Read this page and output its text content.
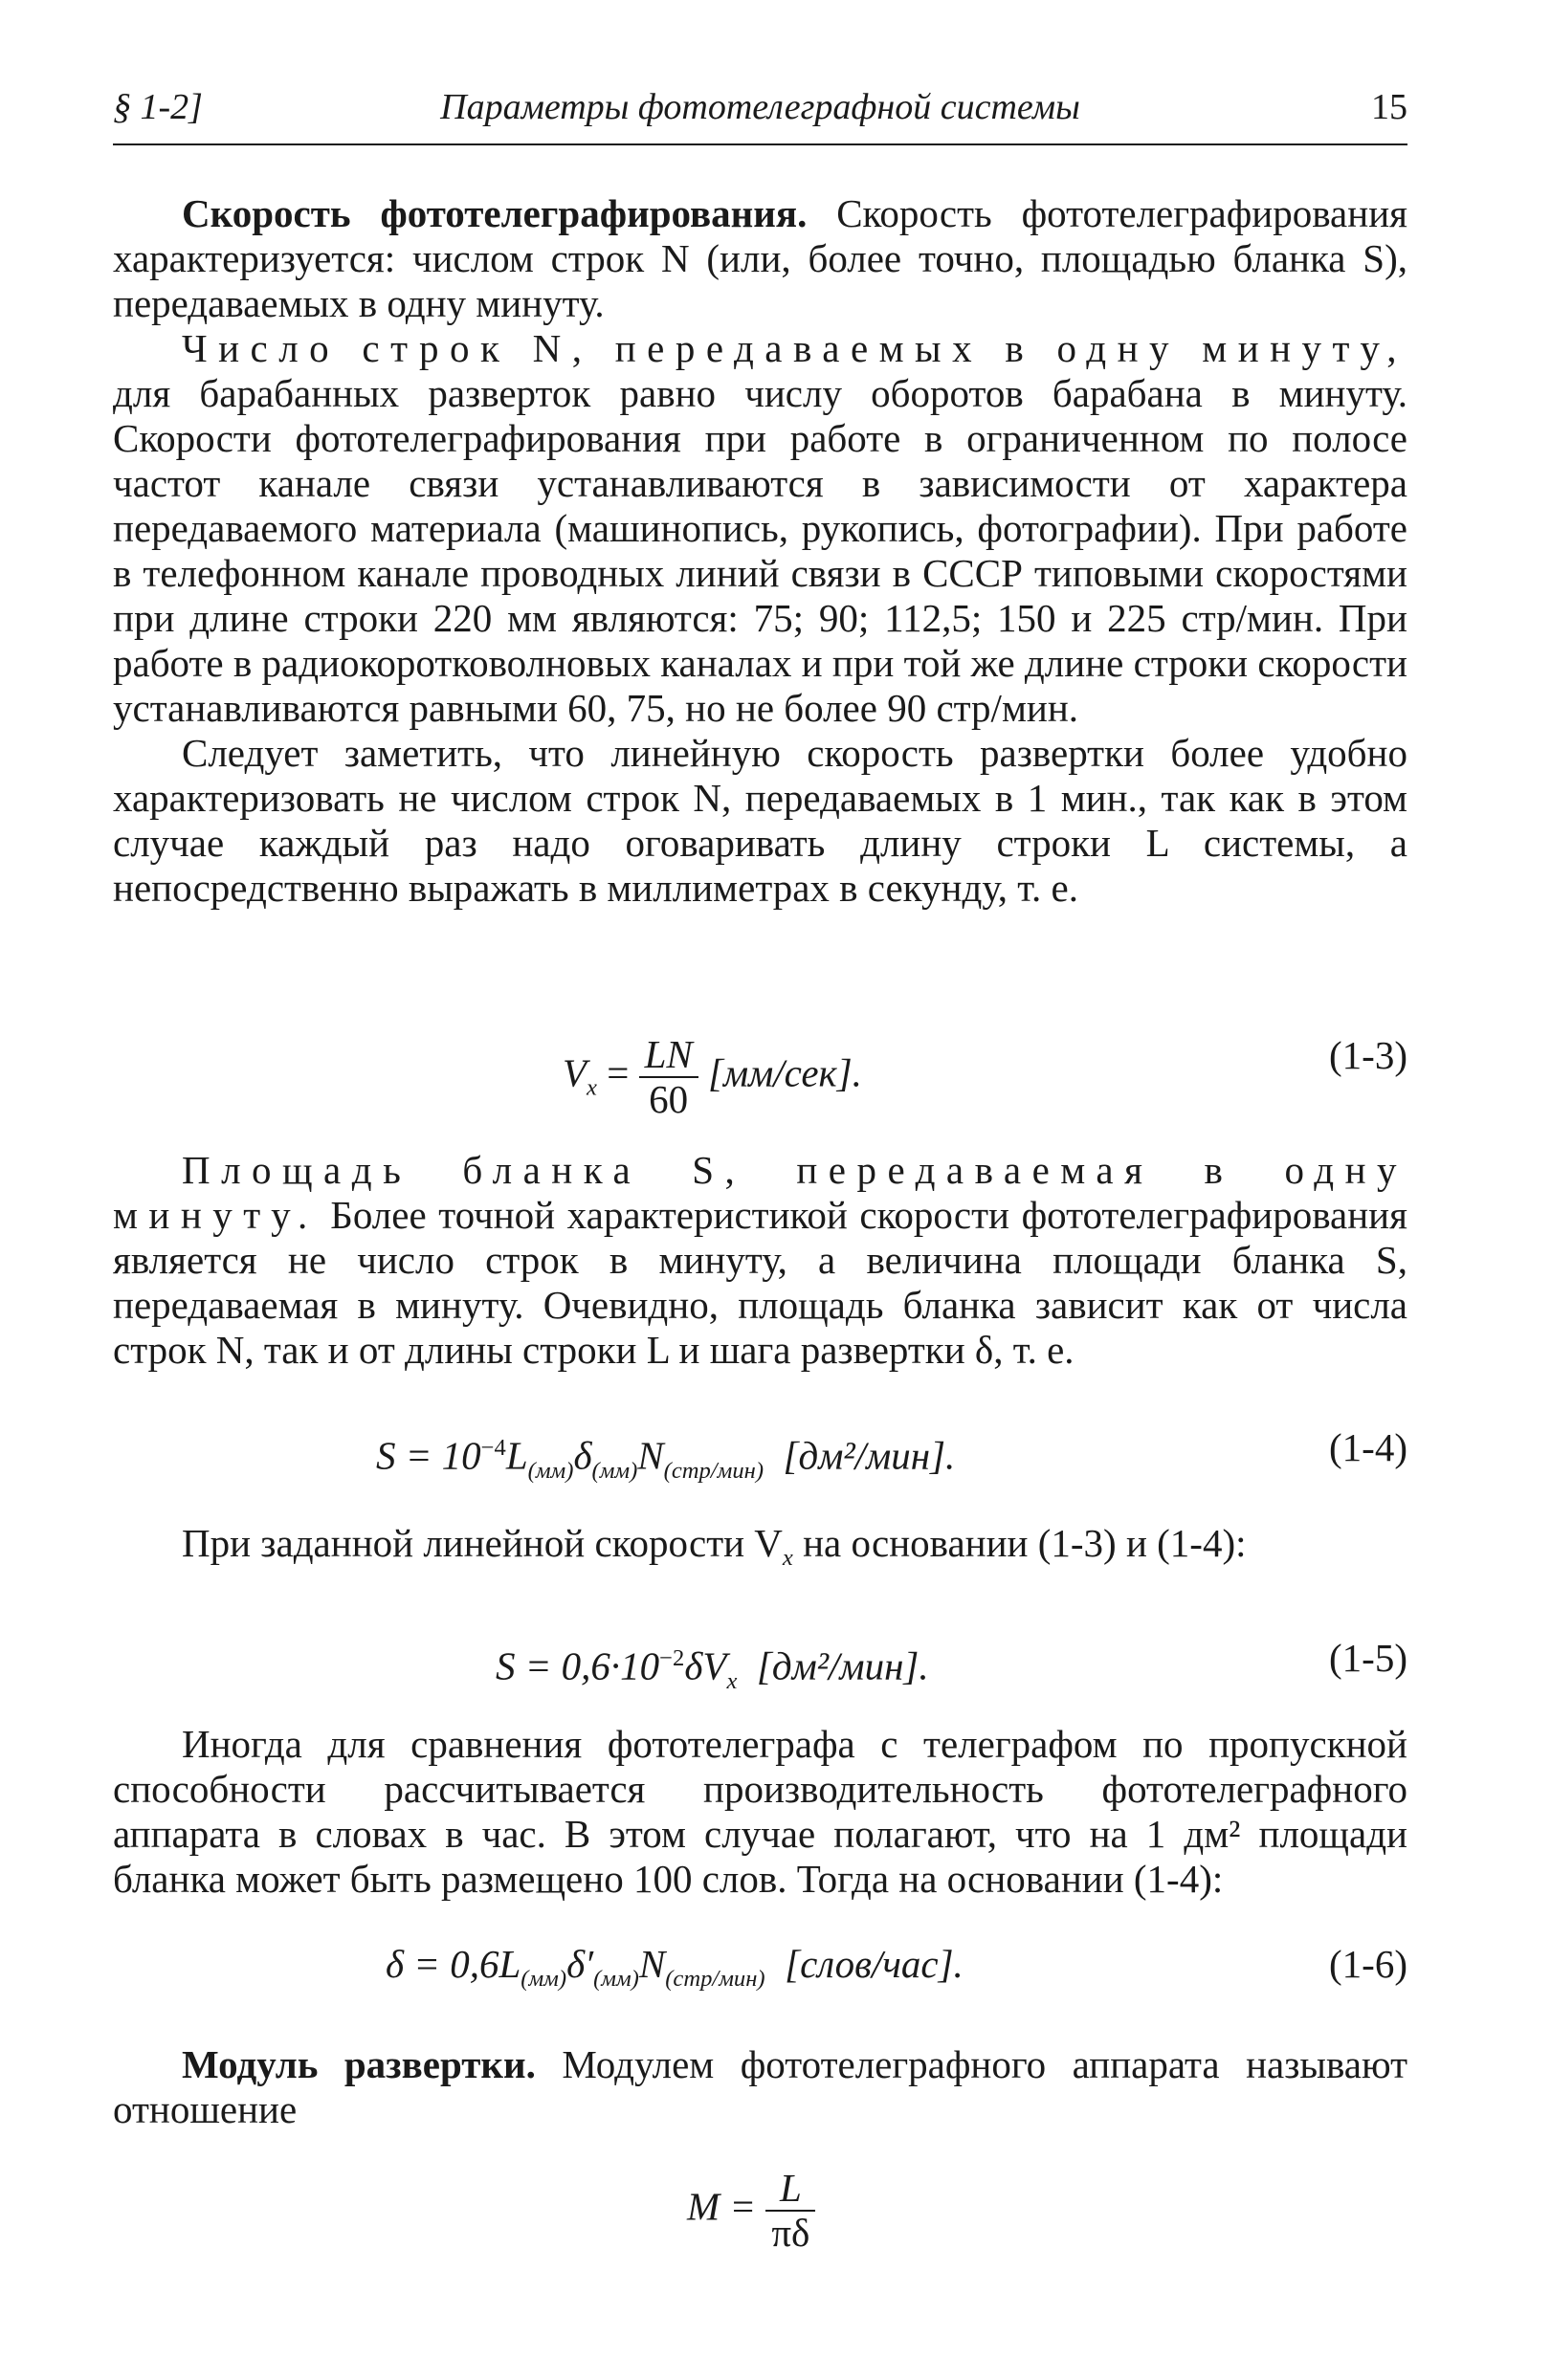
§ 1-2]	Параметры фототелеграфной системы	15

Скорость фототелеграфирования. Скорость фототелеграфирования характеризуется: числом строк N (или, более точно, площадью бланка S), передаваемых в одну минуту.

Число строк N, передаваемых в одну минуту, для барабанных разверток равно числу оборотов барабана в минуту. Скорости фототелеграфирования при работе в ограниченном по полосе частот канале связи устанавливаются в зависимости от характера передаваемого материала (машинопись, рукопись, фотографии). При работе в телефонном канале проводных линий связи в СССР типовыми скоростями при длине строки 220 мм являются: 75; 90; 112,5; 150 и 225 стр/мин. При работе в радиокоротковолновых каналах и при той же длине строки скорости устанавливаются равными 60, 75, но не более 90 стр/мин.

Следует заметить, что линейную скорость развертки более удобно характеризовать не числом строк N, передаваемых в 1 мин., так как в этом случае каждый раз надо оговаривать длину строки L системы, а непосредственно выражать в миллиметрах в секунду, т. е.

$V_x = \frac{LN}{60} [мм/сек]$.	(1-3)

Площадь бланка S, передаваемая в одну минуту. Более точной характеристикой скорости фототелеграфирования является не число строк в минуту, а величина площади бланка S, передаваемая в минуту. Очевидно, площадь бланка зависит как от числа строк N, так и от длины строки L и шага развертки δ, т. е.

$S = 10^{-4}L_{(мм)}\delta_{(мм)}N_{(стр/мин)}$ [дм²/мин].	(1-4)

При заданной линейной скорости $V_x$ на основании (1-3) и (1-4):

$S = 0,6\cdot 10^{-2}\delta V_x$ [дм²/мин].	(1-5)

Иногда для сравнения фототелеграфа с телеграфом по пропускной способности рассчитывается производительность фототелеграфного аппарата в словах в час. В этом случае полагают, что на 1 дм² площади бланка может быть размещено 100 слов. Тогда на основании (1-4):

$\delta = 0,6L_{(мм)}\delta'_{(мм)}N_{(стр/мин)}$ [слов/час].	(1-6)

Модуль развертки. Модулем фототелеграфного аппарата называют отношение

$M = \frac{L}{\pi\delta}$
